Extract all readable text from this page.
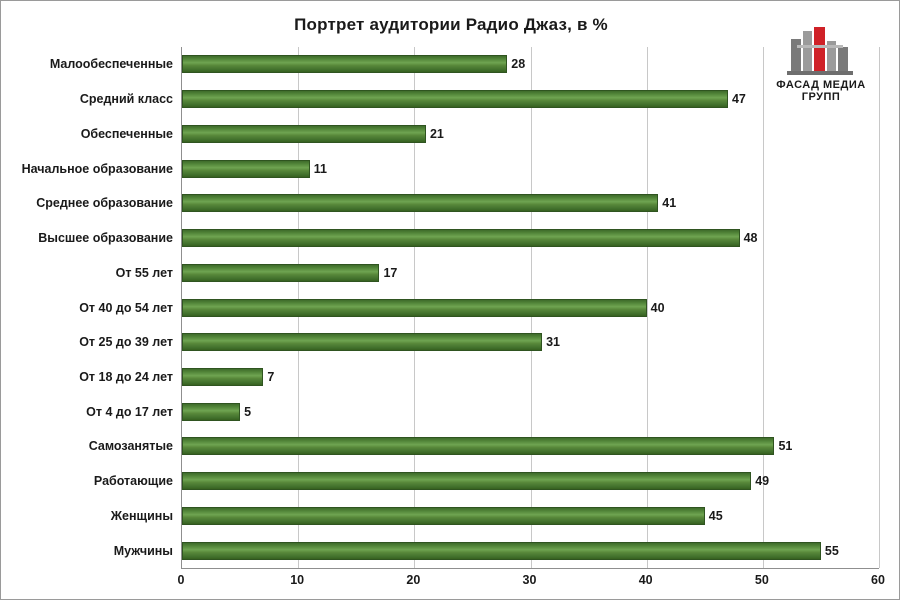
Портрет аудитории Радио Джаз, в %
ФАСАД МЕДИА ГРУПП
28
47
21
11
41
48
17
40
31
7
5
51
49
45
55
Малообеспеченные
Средний класс
Обеспеченные
Начальное образование
Среднее образование
Высшее образование
От 55 лет
От 40 до 54 лет
От 25 до 39 лет
От 18 до 24 лет
От 4 до 17 лет
Самозанятые
Работающие
Женщины
Мужчины
0	10	20	30	40	50	60
